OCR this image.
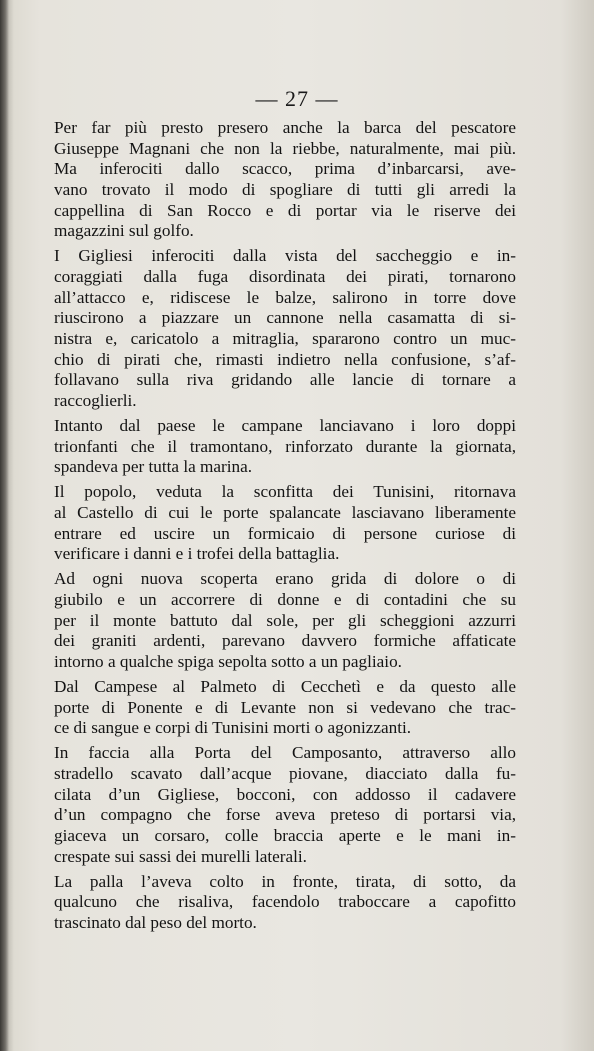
— 27 —
Per far più presto presero anche la barca del pescatore
Giuseppe Magnani che non la riebbe, naturalmente, mai più.
Ma inferociti dallo scacco, prima d’inbarcarsi, ave-
vano trovato il modo di spogliare di tutti gli arredi la
cappellina di San Rocco e di portar via le riserve dei
magazzini sul golfo.
I Gigliesi inferociti dalla vista del saccheggio e in-
coraggiati dalla fuga disordinata dei pirati, tornarono
all’attacco e, ridiscese le balze, salirono in torre dove
riuscirono a piazzare un cannone nella casamatta di si-
nistra e, caricatolo a mitraglia, spararono contro un muc-
chio di pirati che, rimasti indietro nella confusione, s’af-
follavano sulla riva gridando alle lancie di tornare a
raccoglierli.
Intanto dal paese le campane lanciavano i loro doppi
trionfanti che il tramontano, rinforzato durante la giornata,
spandeva per tutta la marina.
Il popolo, veduta la sconfitta dei Tunisini, ritornava
al Castello di cui le porte spalancate lasciavano liberamente
entrare ed uscire un formicaio di persone curiose di
verificare i danni e i trofei della battaglia.
Ad ogni nuova scoperta erano grida di dolore o di
giubilo e un accorrere di donne e di contadini che su
per il monte battuto dal sole, per gli scheggioni azzurri
dei graniti ardenti, parevano davvero formiche affaticate
intorno a qualche spiga sepolta sotto a un pagliaio.
Dal Campese al Palmeto di Cecchetì e da questo alle
porte di Ponente e di Levante non si vedevano che trac-
ce di sangue e corpi di Tunisini morti o agonizzanti.
In faccia alla Porta del Camposanto, attraverso allo
stradello scavato dall’acque piovane, diacciato dalla fu-
cilata d’un Gigliese, bocconi, con addosso il cadavere
d’un compagno che forse aveva preteso di portarsi via,
giaceva un corsaro, colle braccia aperte e le mani in-
crespate sui sassi dei murelli laterali.
La palla l’aveva colto in fronte, tirata, di sotto, da
qualcuno che risaliva, facendolo traboccare a capofitto
trascinato dal peso del morto.
